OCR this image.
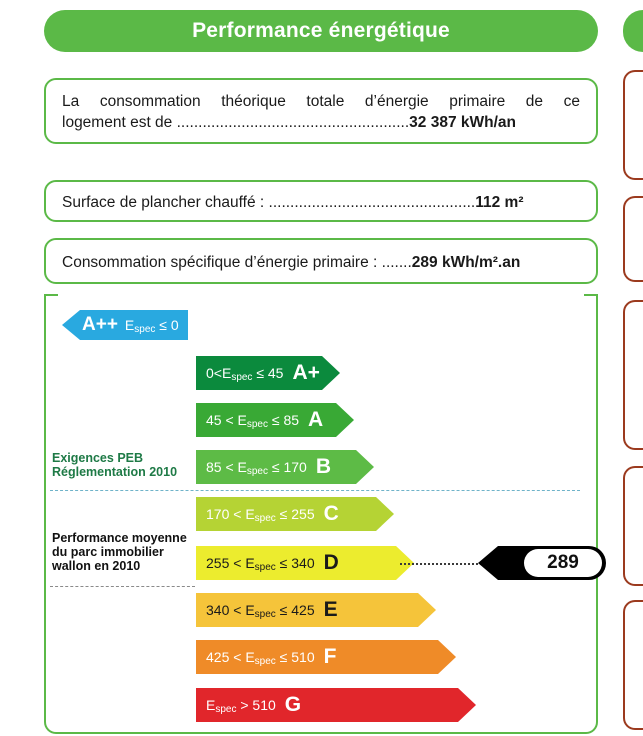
Performance énergétique
La consommation théorique totale d’énergie primaire de ce
logement est de ......................................................32 387 kWh/an
Surface de plancher chauffé : ................................................112 m²
Consommation spécifique d’énergie primaire : .......289 kWh/m².an
A++ Espec ≤ 0
0<Espec ≤ 45 A+
45 < Espec ≤ 85 A
85 < Espec ≤ 170 B
170 < Espec ≤ 255 C
255 < Espec ≤ 340 D
340 < Espec ≤ 425 E
425 < Espec ≤ 510 F
Espec > 510 G
Exigences PEB
Réglementation 2010
Performance moyenne
du parc immobilier
wallon en 2010	289
